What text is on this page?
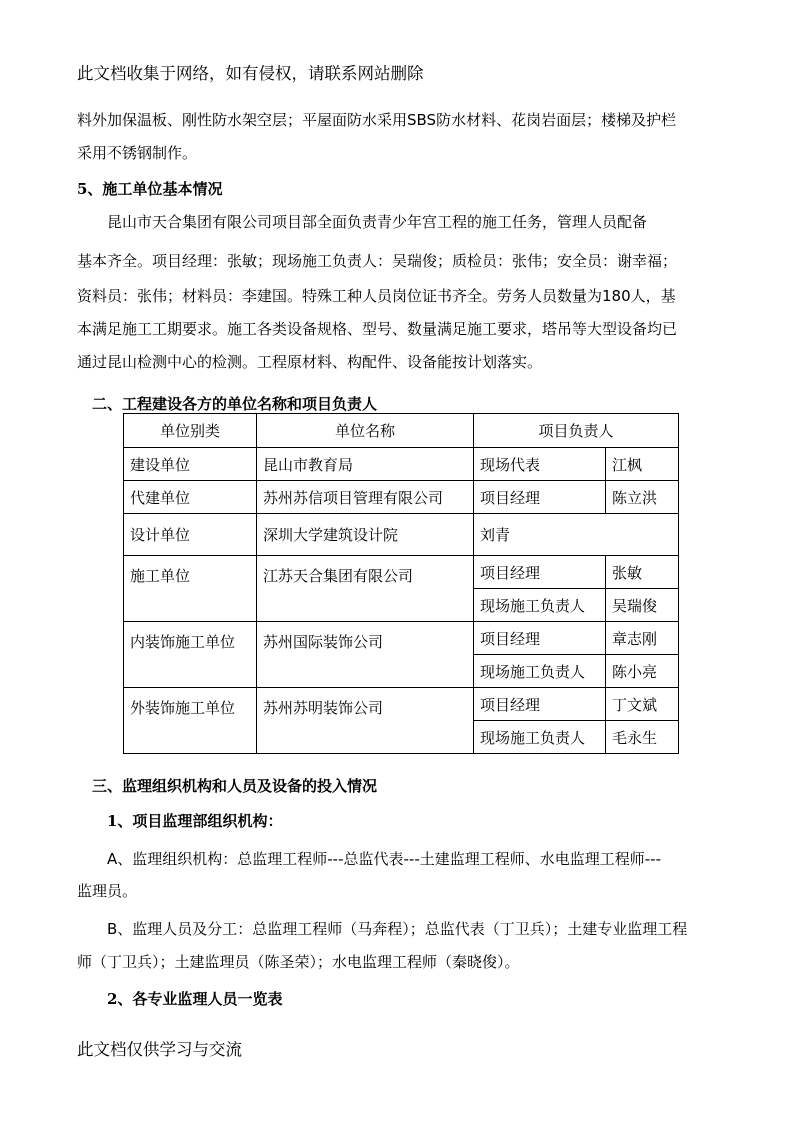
此文档收集于网络，如有侵权，请联系网站删除
料外加保温板、刚性防水架空层；平屋面防水采用SBS防水材料、花岗岩面层；楼梯及护栏
采用不锈钢制作。
5、施工单位基本情况
昆山市天合集团有限公司项目部全面负责青少年宫工程的施工任务，管理人员配备
基本齐全。项目经理：张敏；现场施工负责人：吴瑞俊；质检员：张伟；安全员：谢幸福；
资料员：张伟；材料员：李建国。特殊工种人员岗位证书齐全。劳务人员数量为180人，基
本满足施工工期要求。施工各类设备规格、型号、数量满足施工要求，塔吊等大型设备均已
通过昆山检测中心的检测。工程原材料、构配件、设备能按计划落实。
二、工程建设各方的单位名称和项目负责人
单位别类	单位名称	项目负责人	
建设单位	昆山市教育局	现场代表	江枫
代建单位	苏州苏信项目管理有限公司	项目经理	陈立洪
设计单位	深圳大学建筑设计院	刘青	
施工单位	江苏天合集团有限公司	项目经理	张敏
		现场施工负责人	吴瑞俊
内装饰施工单位	苏州国际装饰公司	项目经理	章志刚
		现场施工负责人	陈小亮
外装饰施工单位	苏州苏明装饰公司	项目经理	丁文斌
		现场施工负责人	毛永生
三、监理组织机构和人员及设备的投入情况
1、项目监理部组织机构：
A、监理组织机构：总监理工程师---总监代表---土建监理工程师、水电监理工程师---
监理员。
B、监理人员及分工：总监理工程师（马奔程）；总监代表（丁卫兵）；土建专业监理工程
师（丁卫兵）；土建监理员（陈圣荣）；水电监理工程师（秦晓俊）。
2、各专业监理人员一览表
此文档仅供学习与交流
